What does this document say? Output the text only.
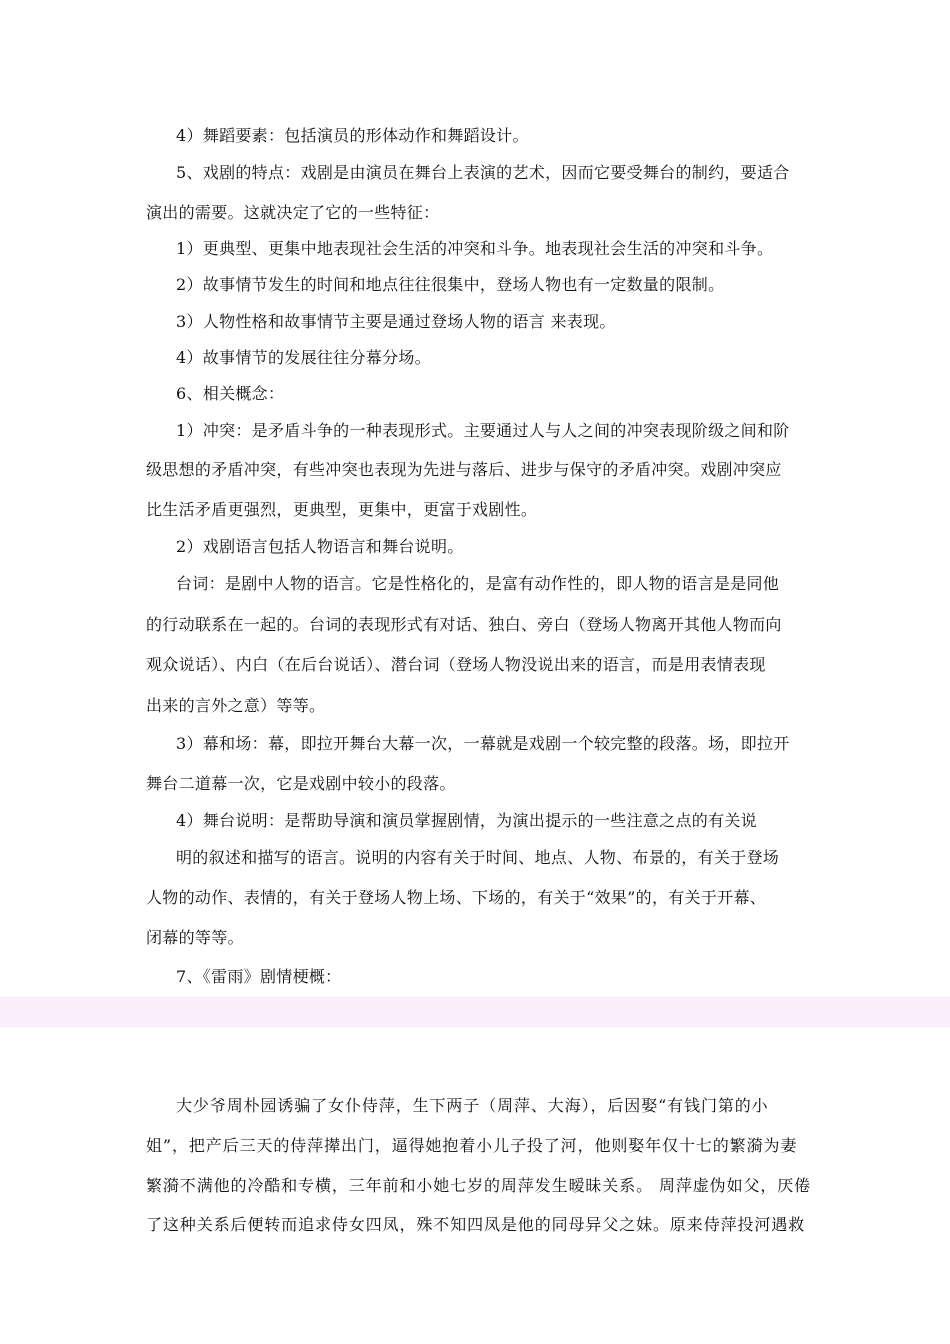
4）舞蹈要素：包括演员的形体动作和舞蹈设计。
5、戏剧的特点：戏剧是由演员在舞台上表演的艺术，因而它要受舞台的制约，要适合
演出的需要。这就决定了它的一些特征：
1）更典型、更集中地表现社会生活的冲突和斗争。地表现社会生活的冲突和斗争。
2）故事情节发生的时间和地点往往很集中，登场人物也有一定数量的限制。
3）人物性格和故事情节主要是通过登场人物的语言 来表现。
4）故事情节的发展往往分幕分场。
6、相关概念：
1）冲突：是矛盾斗争的一种表现形式。主要通过人与人之间的冲突表现阶级之间和阶
级思想的矛盾冲突，有些冲突也表现为先进与落后、进步与保守的矛盾冲突。戏剧冲突应
比生活矛盾更强烈，更典型，更集中，更富于戏剧性。
2）戏剧语言包括人物语言和舞台说明。
台词：是剧中人物的语言。它是性格化的，是富有动作性的，即人物的语言是是同他
的行动联系在一起的。台词的表现形式有对话、独白、旁白（登场人物离开其他人物而向
观众说话）、内白（在后台说话）、潜台词（登场人物没说出来的语言，而是用表情表现
出来的言外之意）等等。
3）幕和场：幕，即拉开舞台大幕一次，一幕就是戏剧一个较完整的段落。场，即拉开
舞台二道幕一次，它是戏剧中较小的段落。
4）舞台说明：是帮助导演和演员掌握剧情，为演出提示的一些注意之点的有关说
明的叙述和描写的语言。说明的内容有关于时间、地点、人物、布景的，有关于登场
人物的动作、表情的，有关于登场人物上场、下场的，有关于“效果”的，有关于开幕、
闭幕的等等。
7、《雷雨》剧情梗概：
大少爷周朴园诱骗了女仆侍萍，生下两子（周萍、大海），后因娶“有钱门第的小
姐”，把产后三天的侍萍撵出门，逼得她抱着小儿子投了河，他则娶年仅十七的繁漪为妻
繁漪不满他的冷酷和专横，三年前和小她七岁的周萍发生暧昧关系。 周萍虚伪如父，厌倦
了这种关系后便转而追求侍女四凤，殊不知四凤是他的同母异父之妹。原来侍萍投河遇救
